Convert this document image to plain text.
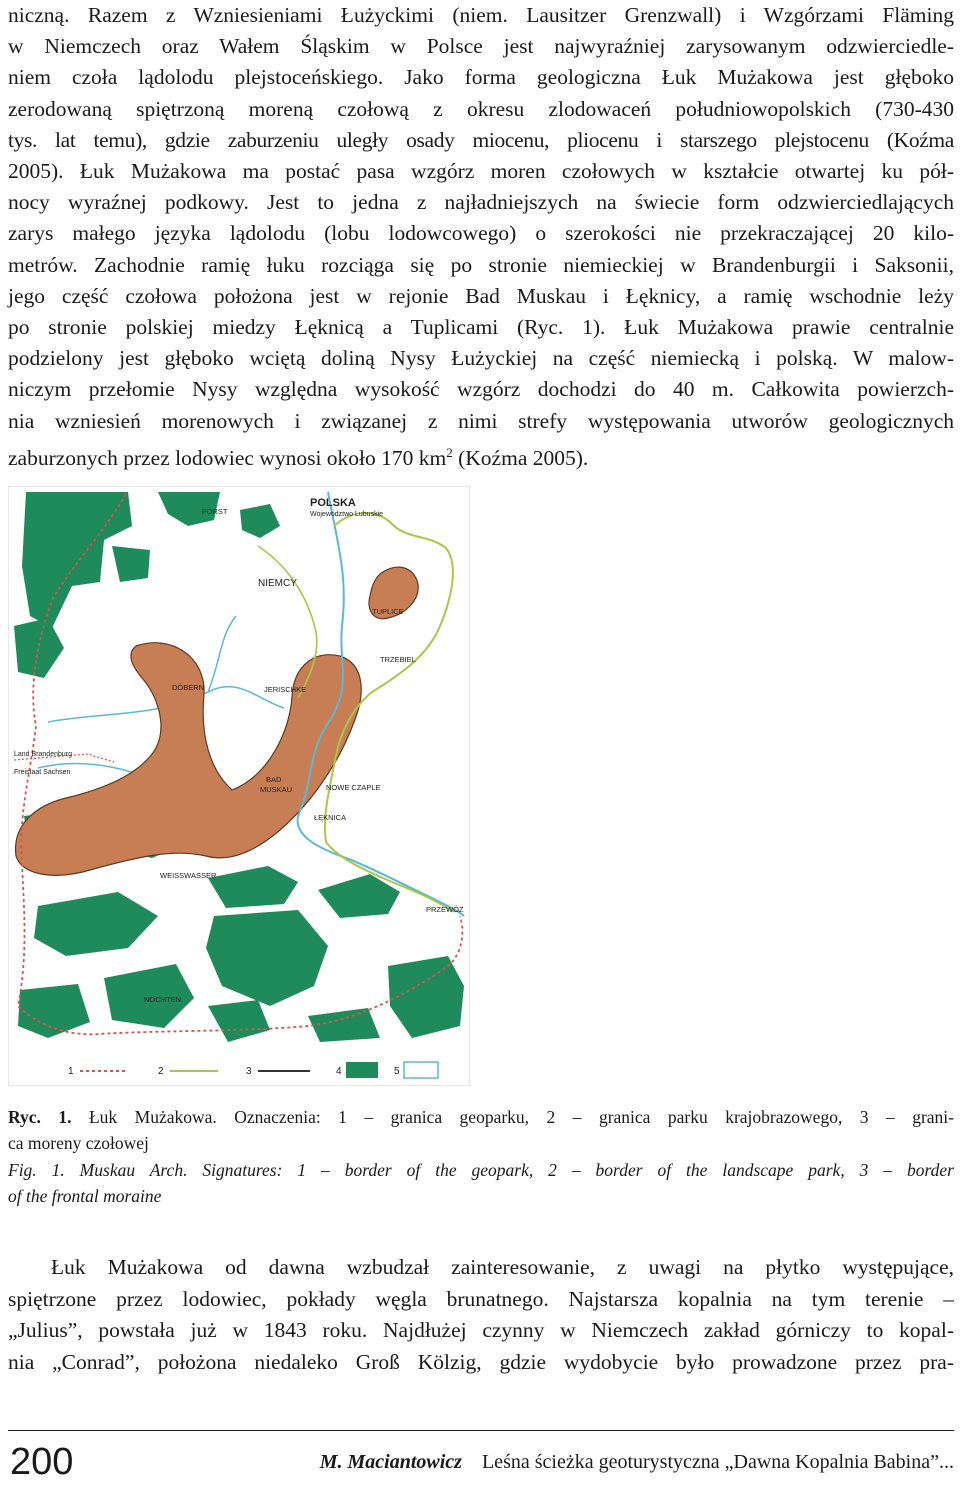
niczną. Razem z Wzniesieniami Łużyckimi (niem. Lausitzer Grenzwall) i Wzgórzami Fläming
w Niemczech oraz Wałem Śląskim w Polsce jest najwyraźniej zarysowanym odzwierciedle-
niem czoła lądolodu plejstoceńskiego. Jako forma geologiczna Łuk Mużakowa jest głęboko
zerodowaną spiętrzoną moreną czołową z okresu zlodowaceń południowopolskich (730-430
tys. lat temu), gdzie zaburzeniu uległy osady miocenu, pliocenu i starszego plejstocenu (Koźma
2005). Łuk Mużakowa ma postać pasa wzgórz moren czołowych w kształcie otwartej ku pół-
nocy wyraźnej podkowy. Jest to jedna z najładniejszych na świecie form odzwierciedlających
zarys małego języka lądolodu (lobu lodowcowego) o szerokości nie przekraczającej 20 kilo-
metrów. Zachodnie ramię łuku rozciąga się po stronie niemieckiej w Brandenburgii i Saksonii,
jego część czołowa położona jest w rejonie Bad Muskau i Łęknicy, a ramię wschodnie leży
po stronie polskiej miedzy Łęknicą a Tuplicami (Ryc. 1). Łuk Mużakowa prawie centralnie
podzielony jest głęboko wciętą doliną Nysy Łużyckiej na część niemiecką i polską. W malow-
niczym przełomie Nysy względna wysokość wzgórz dochodzi do 40 m. Całkowita powierzch-
nia wzniesień morenowych i związanej z nimi strefy występowania utworów geologicznych
zaburzonych przez lodowiec wynosi około 170 $km^2$ (Koźma 2005).
FORST
POLSKA
Województwo Lubuskie
NIEMCY
TUPLICE
TRZEBIEL
DÖBERN	JERISCHKE
Land Brandenburg
Freistaat Sachsen
BAD
MUSKAU	NOWE CZAPLE
ŁĘKNICA
WEISSWASSER
PRZEWÓZ
NOCHTEN
1	2	3	4	5
Ryc. 1. Łuk Mużakowa. Oznaczenia: 1 – granica geoparku, 2 – granica parku krajobrazowego, 3 – grani-
ca moreny czołowej
Fig. 1. Muskau Arch. Signatures: 1 – border of the geopark, 2 – border of the landscape park, 3 – border
of the frontal moraine
Łuk Mużakowa od dawna wzbudzał zainteresowanie, z uwagi na płytko występujące,
spiętrzone przez lodowiec, pokłady węgla brunatnego. Najstarsza kopalnia na tym terenie –
„Julius”, powstała już w 1843 roku. Najdłużej czynny w Niemczech zakład górniczy to kopal-
nia „Conrad”, położona niedaleko Groß Kölzig, gdzie wydobycie było prowadzone przez pra-
200	M. Maciantowicz Leśna ścieżka geoturystyczna „Dawna Kopalnia Babina”...
